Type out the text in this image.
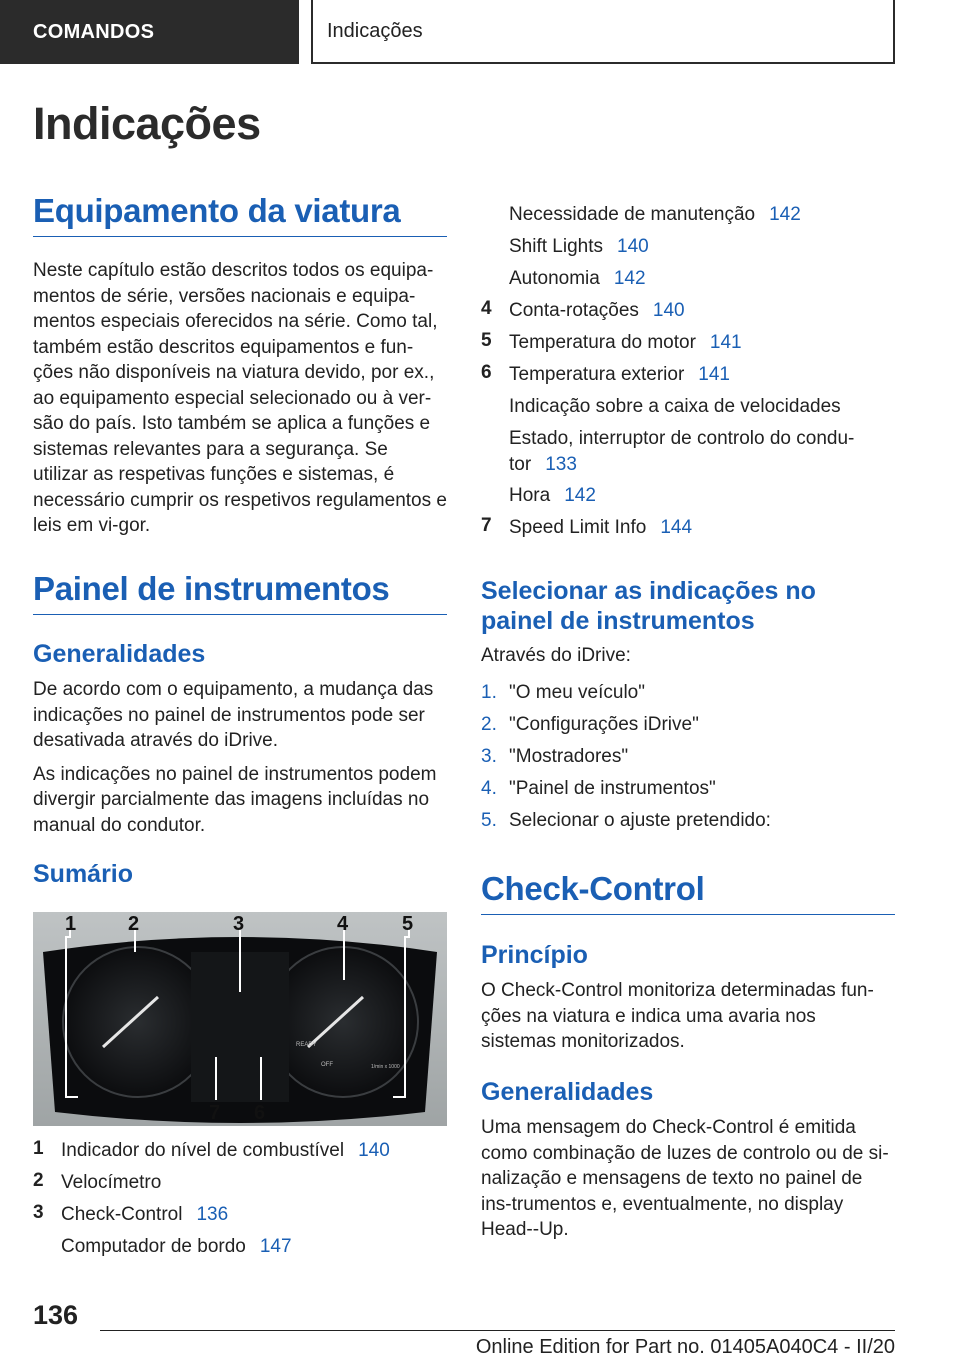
COMANDOS	Indicações
Indicações
Equipamento da viatura

Neste capítulo estão descritos todos os equipa-mentos de série, versões nacionais e equipa-mentos especiais oferecidos na série. Como tal, também estão descritos equipamentos e fun-ções não disponíveis na viatura devido, por ex., ao equipamento especial selecionado ou à ver-são do país. Isto também se aplica a funções e sistemas relevantes para a segurança. Se utilizar as respetivas funções e sistemas, é necessário cumprir os respetivos regulamentos e leis em vi-gor.

Painel de instrumentos
Generalidades

De acordo com o equipamento, a mudança das indicações no painel de instrumentos pode ser desativada através do iDrive.

As indicações no painel de instrumentos podem divergir parcialmente das imagens incluídas no manual do condutor.

Sumário
READY
OFF	1/min x 1000
1	2	3	4	5
7 6
1 Indicador do nível de combustível 140
2 Velocímetro
3 Check-Control 136
Computador de bordo 147
Necessidade de manutenção 142
Shift Lights 140
Autonomia 142
4 Conta-rotações 140
5 Temperatura do motor 141
6 Temperatura exterior 141
Indicação sobre a caixa de velocidades
Estado, interruptor de controlo do condu-tor 133
Hora 142
7 Speed Limit Info 144
Selecionar as indicações no painel de instrumentos
Através do iDrive:
1. "O meu veículo"
2. "Configurações iDrive"
3. "Mostradores"
4. "Painel de instrumentos"
5. Selecionar o ajuste pretendido:
Check-Control
Princípio

O Check-Control monitoriza determinadas fun-ções na viatura e indica uma avaria nos sistemas monitorizados.

Generalidades

Uma mensagem do Check-Control é emitida como combinação de luzes de controlo ou de si-nalização e mensagens de texto no painel de ins-trumentos e, eventualmente, no display Head--Up.

136
Online Edition for Part no. 01405A040C4 - II/20
